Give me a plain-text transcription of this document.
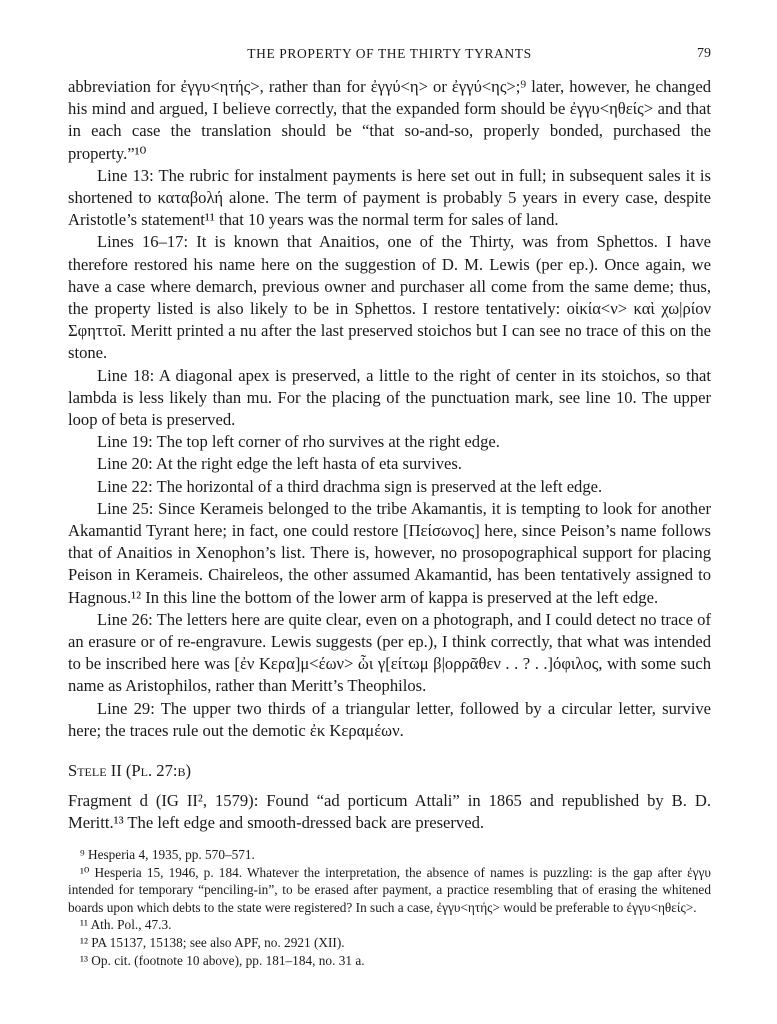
THE PROPERTY OF THE THIRTY TYRANTS	79

abbreviation for ἐγγυ<ητής>, rather than for ἐγγύ<η> or ἐγγύ<ης>;⁹ later, however, he changed his mind and argued, I believe correctly, that the expanded form should be ἐγγυ<ηθείς> and that in each case the translation should be “that so-and-so, properly bonded, purchased the property.”¹⁰

Line 13: The rubric for instalment payments is here set out in full; in subsequent sales it is shortened to καταβολή alone. The term of payment is probably 5 years in every case, despite Aristotle’s statement¹¹ that 10 years was the normal term for sales of land.

Lines 16–17: It is known that Anaitios, one of the Thirty, was from Sphettos. I have therefore restored his name here on the suggestion of D. M. Lewis (per ep.). Once again, we have a case where demarch, previous owner and purchaser all come from the same deme; thus, the property listed is also likely to be in Sphettos. I restore tentatively: οἰκία<ν> καὶ χω|ρίον Σφηττοῖ. Meritt printed a nu after the last preserved stoichos but I can see no trace of this on the stone.

Line 18: A diagonal apex is preserved, a little to the right of center in its stoichos, so that lambda is less likely than mu. For the placing of the punctuation mark, see line 10. The upper loop of beta is preserved.

Line 19: The top left corner of rho survives at the right edge.

Line 20: At the right edge the left hasta of eta survives.

Line 22: The horizontal of a third drachma sign is preserved at the left edge.

Line 25: Since Kerameis belonged to the tribe Akamantis, it is tempting to look for another Akamantid Tyrant here; in fact, one could restore [Πείσωνος] here, since Peison’s name follows that of Anaitios in Xenophon’s list. There is, however, no prosopographical support for placing Peison in Kerameis. Chaireleos, the other assumed Akamantid, has been tentatively assigned to Hagnous.¹² In this line the bottom of the lower arm of kappa is preserved at the left edge.

Line 26: The letters here are quite clear, even on a photograph, and I could detect no trace of an erasure or of re-engravure. Lewis suggests (per ep.), I think correctly, that what was intended to be inscribed here was [ἐν Κερα]μ<έων> ὧι γ[είτωμ β|ορρᾶθεν . . ? . .]όφιλος, with some such name as Aristophilos, rather than Meritt’s Theophilos.

Line 29: The upper two thirds of a triangular letter, followed by a circular letter, survive here; the traces rule out the demotic ἐκ Κεραμέων.

Stele II (Pl. 27:b)

Fragment d (IG II², 1579): Found “ad porticum Attali” in 1865 and republished by B. D. Meritt.¹³ The left edge and smooth-dressed back are preserved.

⁹ Hesperia 4, 1935, pp. 570–571.

¹⁰ Hesperia 15, 1946, p. 184. Whatever the interpretation, the absence of names is puzzling: is the gap after ἐγγυ intended for temporary “penciling-in”, to be erased after payment, a practice resembling that of erasing the whitened boards upon which debts to the state were registered? In such a case, ἐγγυ<ητής> would be preferable to ἐγγυ<ηθείς>.

¹¹ Ath. Pol., 47.3.

¹² PA 15137, 15138; see also APF, no. 2921 (XII).

¹³ Op. cit. (footnote 10 above), pp. 181–184, no. 31 a.
